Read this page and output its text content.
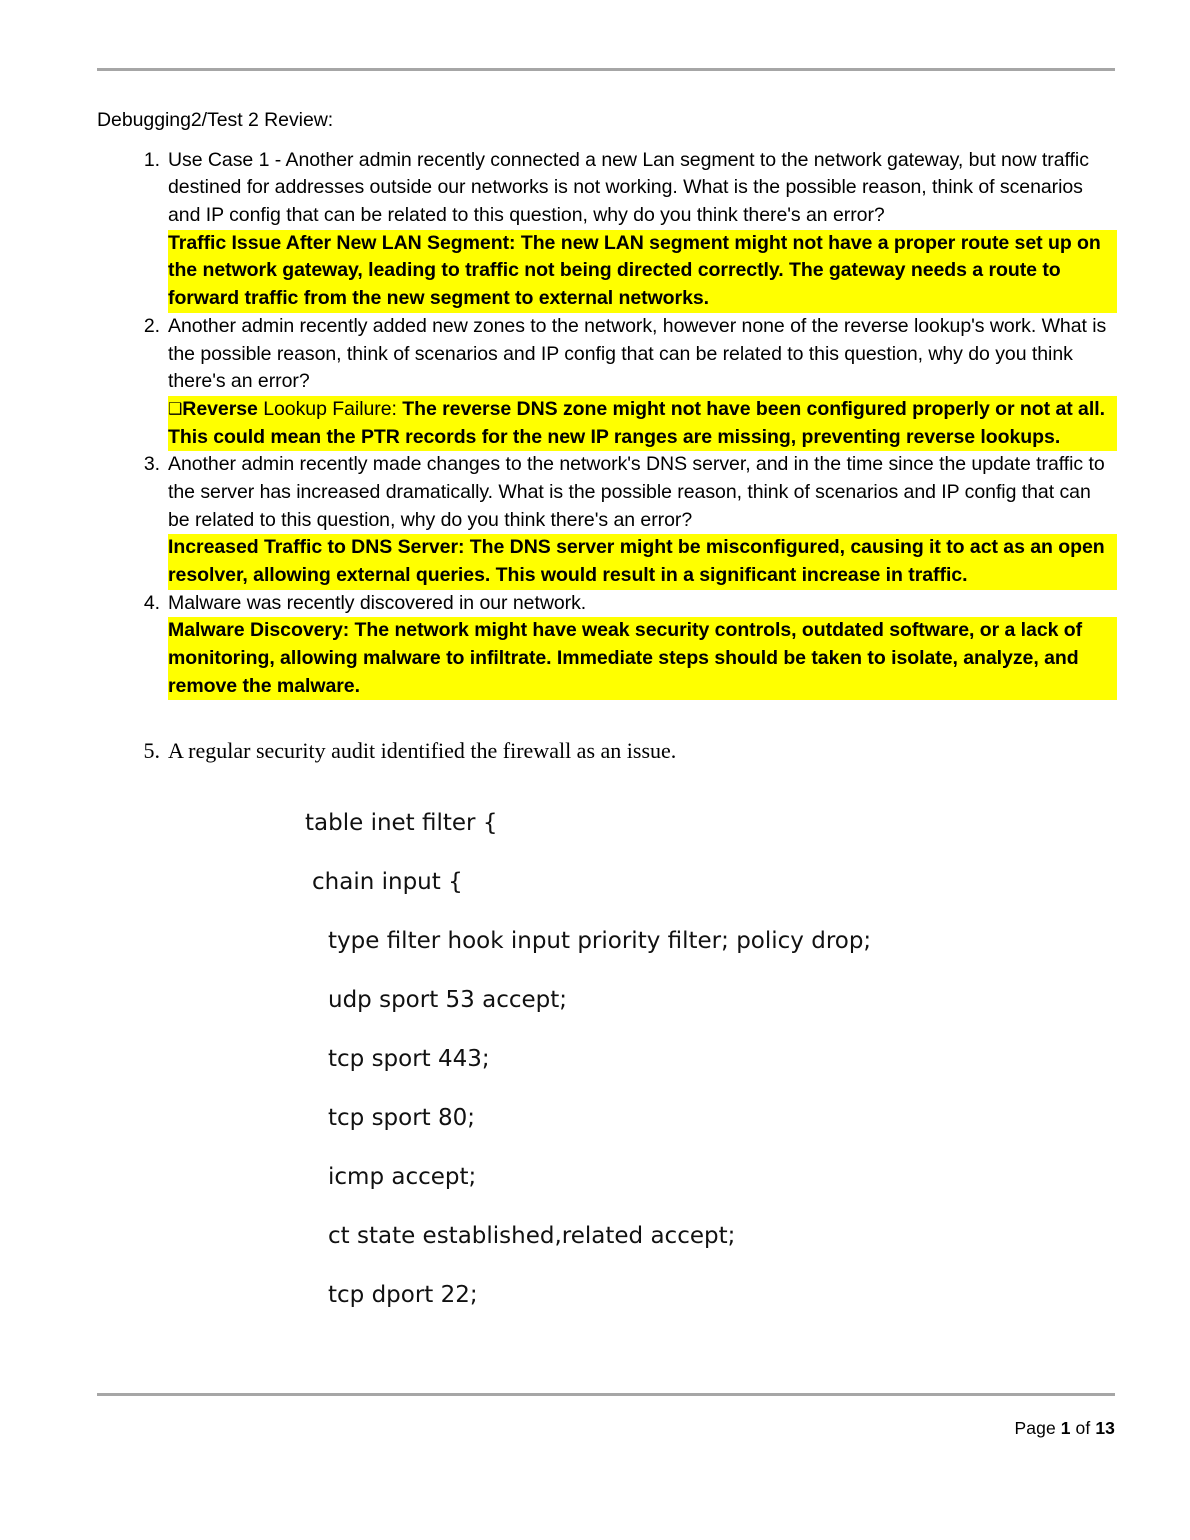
Debugging2/Test 2 Review:

1. Use Case 1 - Another admin recently connected a new Lan segment to the network gateway, but now traffic destined for addresses outside our networks is not working. What is the possible reason, think of scenarios and IP config that can be related to this question, why do you think there's an error?
Traffic Issue After New LAN Segment: The new LAN segment might not have a proper route set up on the network gateway, leading to traffic not being directed correctly. The gateway needs a route to forward traffic from the new segment to external networks.
2. Another admin recently added new zones to the network, however none of the reverse lookup's work. What is the possible reason, think of scenarios and IP config that can be related to this question, why do you think there's an error?
❑Reverse Lookup Failure: The reverse DNS zone might not have been configured properly or not at all. This could mean the PTR records for the new IP ranges are missing, preventing reverse lookups.
3. Another admin recently made changes to the network's DNS server, and in the time since the update traffic to the server has increased dramatically. What is the possible reason, think of scenarios and IP config that can be related to this question, why do you think there's an error?
Increased Traffic to DNS Server: The DNS server might be misconfigured, causing it to act as an open resolver, allowing external queries. This would result in a significant increase in traffic.
4. Malware was recently discovered in our network.
Malware Discovery: The network might have weak security controls, outdated software, or a lack of monitoring, allowing malware to infiltrate. Immediate steps should be taken to isolate, analyze, and remove the malware.
5. A regular security audit identified the firewall as an issue.
table inet filter {
chain input {
type filter hook input priority filter; policy drop;
udp sport 53 accept;
tcp sport 443;
tcp sport 80;
icmp accept;
ct state established,related accept;
tcp dport 22;
Page 1 of 13
